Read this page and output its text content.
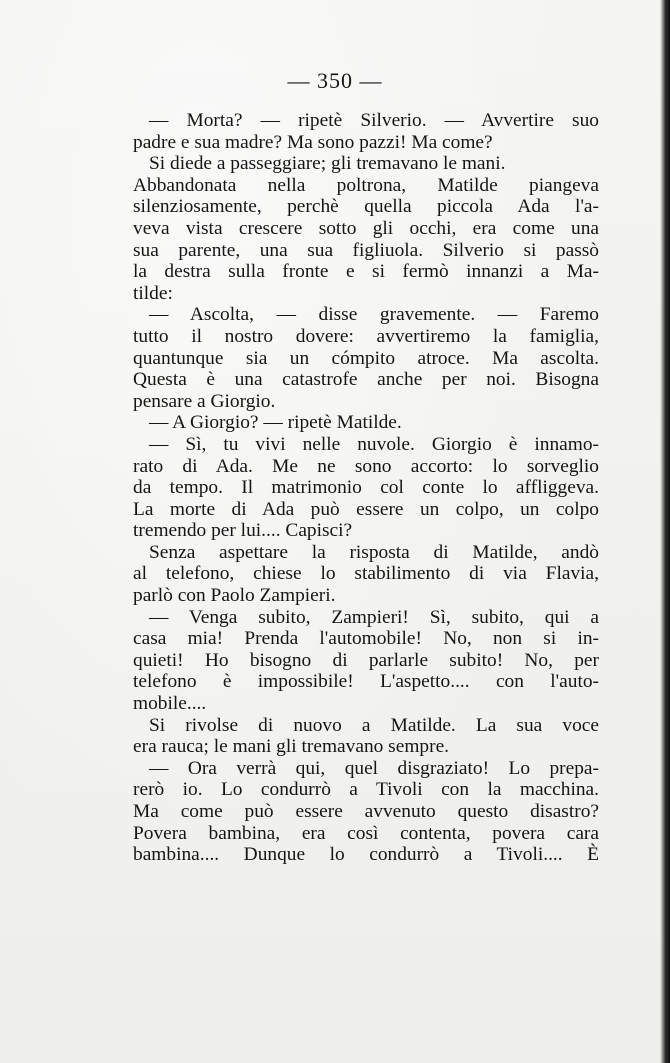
— 350 —
— Morta? — ripetè Silverio. — Avvertire suo
padre e sua madre? Ma sono pazzi! Ma come?
Si diede a passeggiare; gli tremavano le mani.
Abbandonata nella poltrona, Matilde piangeva
silenziosamente, perchè quella piccola Ada l'a-
veva vista crescere sotto gli occhi, era come una
sua parente, una sua figliuola. Silverio si passò
la destra sulla fronte e si fermò innanzi a Ma-
tilde:
— Ascolta, — disse gravemente. — Faremo
tutto il nostro dovere: avvertiremo la famiglia,
quantunque sia un cómpito atroce. Ma ascolta.
Questa è una catastrofe anche per noi. Bisogna
pensare a Giorgio.
— A Giorgio? — ripetè Matilde.
— Sì, tu vivi nelle nuvole. Giorgio è innamo-
rato di Ada. Me ne sono accorto: lo sorveglio
da tempo. Il matrimonio col conte lo affliggeva.
La morte di Ada può essere un colpo, un colpo
tremendo per lui.... Capisci?
Senza aspettare la risposta di Matilde, andò
al telefono, chiese lo stabilimento di via Flavia,
parlò con Paolo Zampieri.
— Venga subito, Zampieri! Sì, subito, qui a
casa mia! Prenda l'automobile! No, non si in-
quieti! Ho bisogno di parlarle subito! No, per
telefono è impossibile! L'aspetto.... con l'auto-
mobile....
Si rivolse di nuovo a Matilde. La sua voce
era rauca; le mani gli tremavano sempre.
— Ora verrà qui, quel disgraziato! Lo prepa-
rerò io. Lo condurrò a Tivoli con la macchina.
Ma come può essere avvenuto questo disastro?
Povera bambina, era così contenta, povera cara
bambina.... Dunque lo condurrò a Tivoli.... È
